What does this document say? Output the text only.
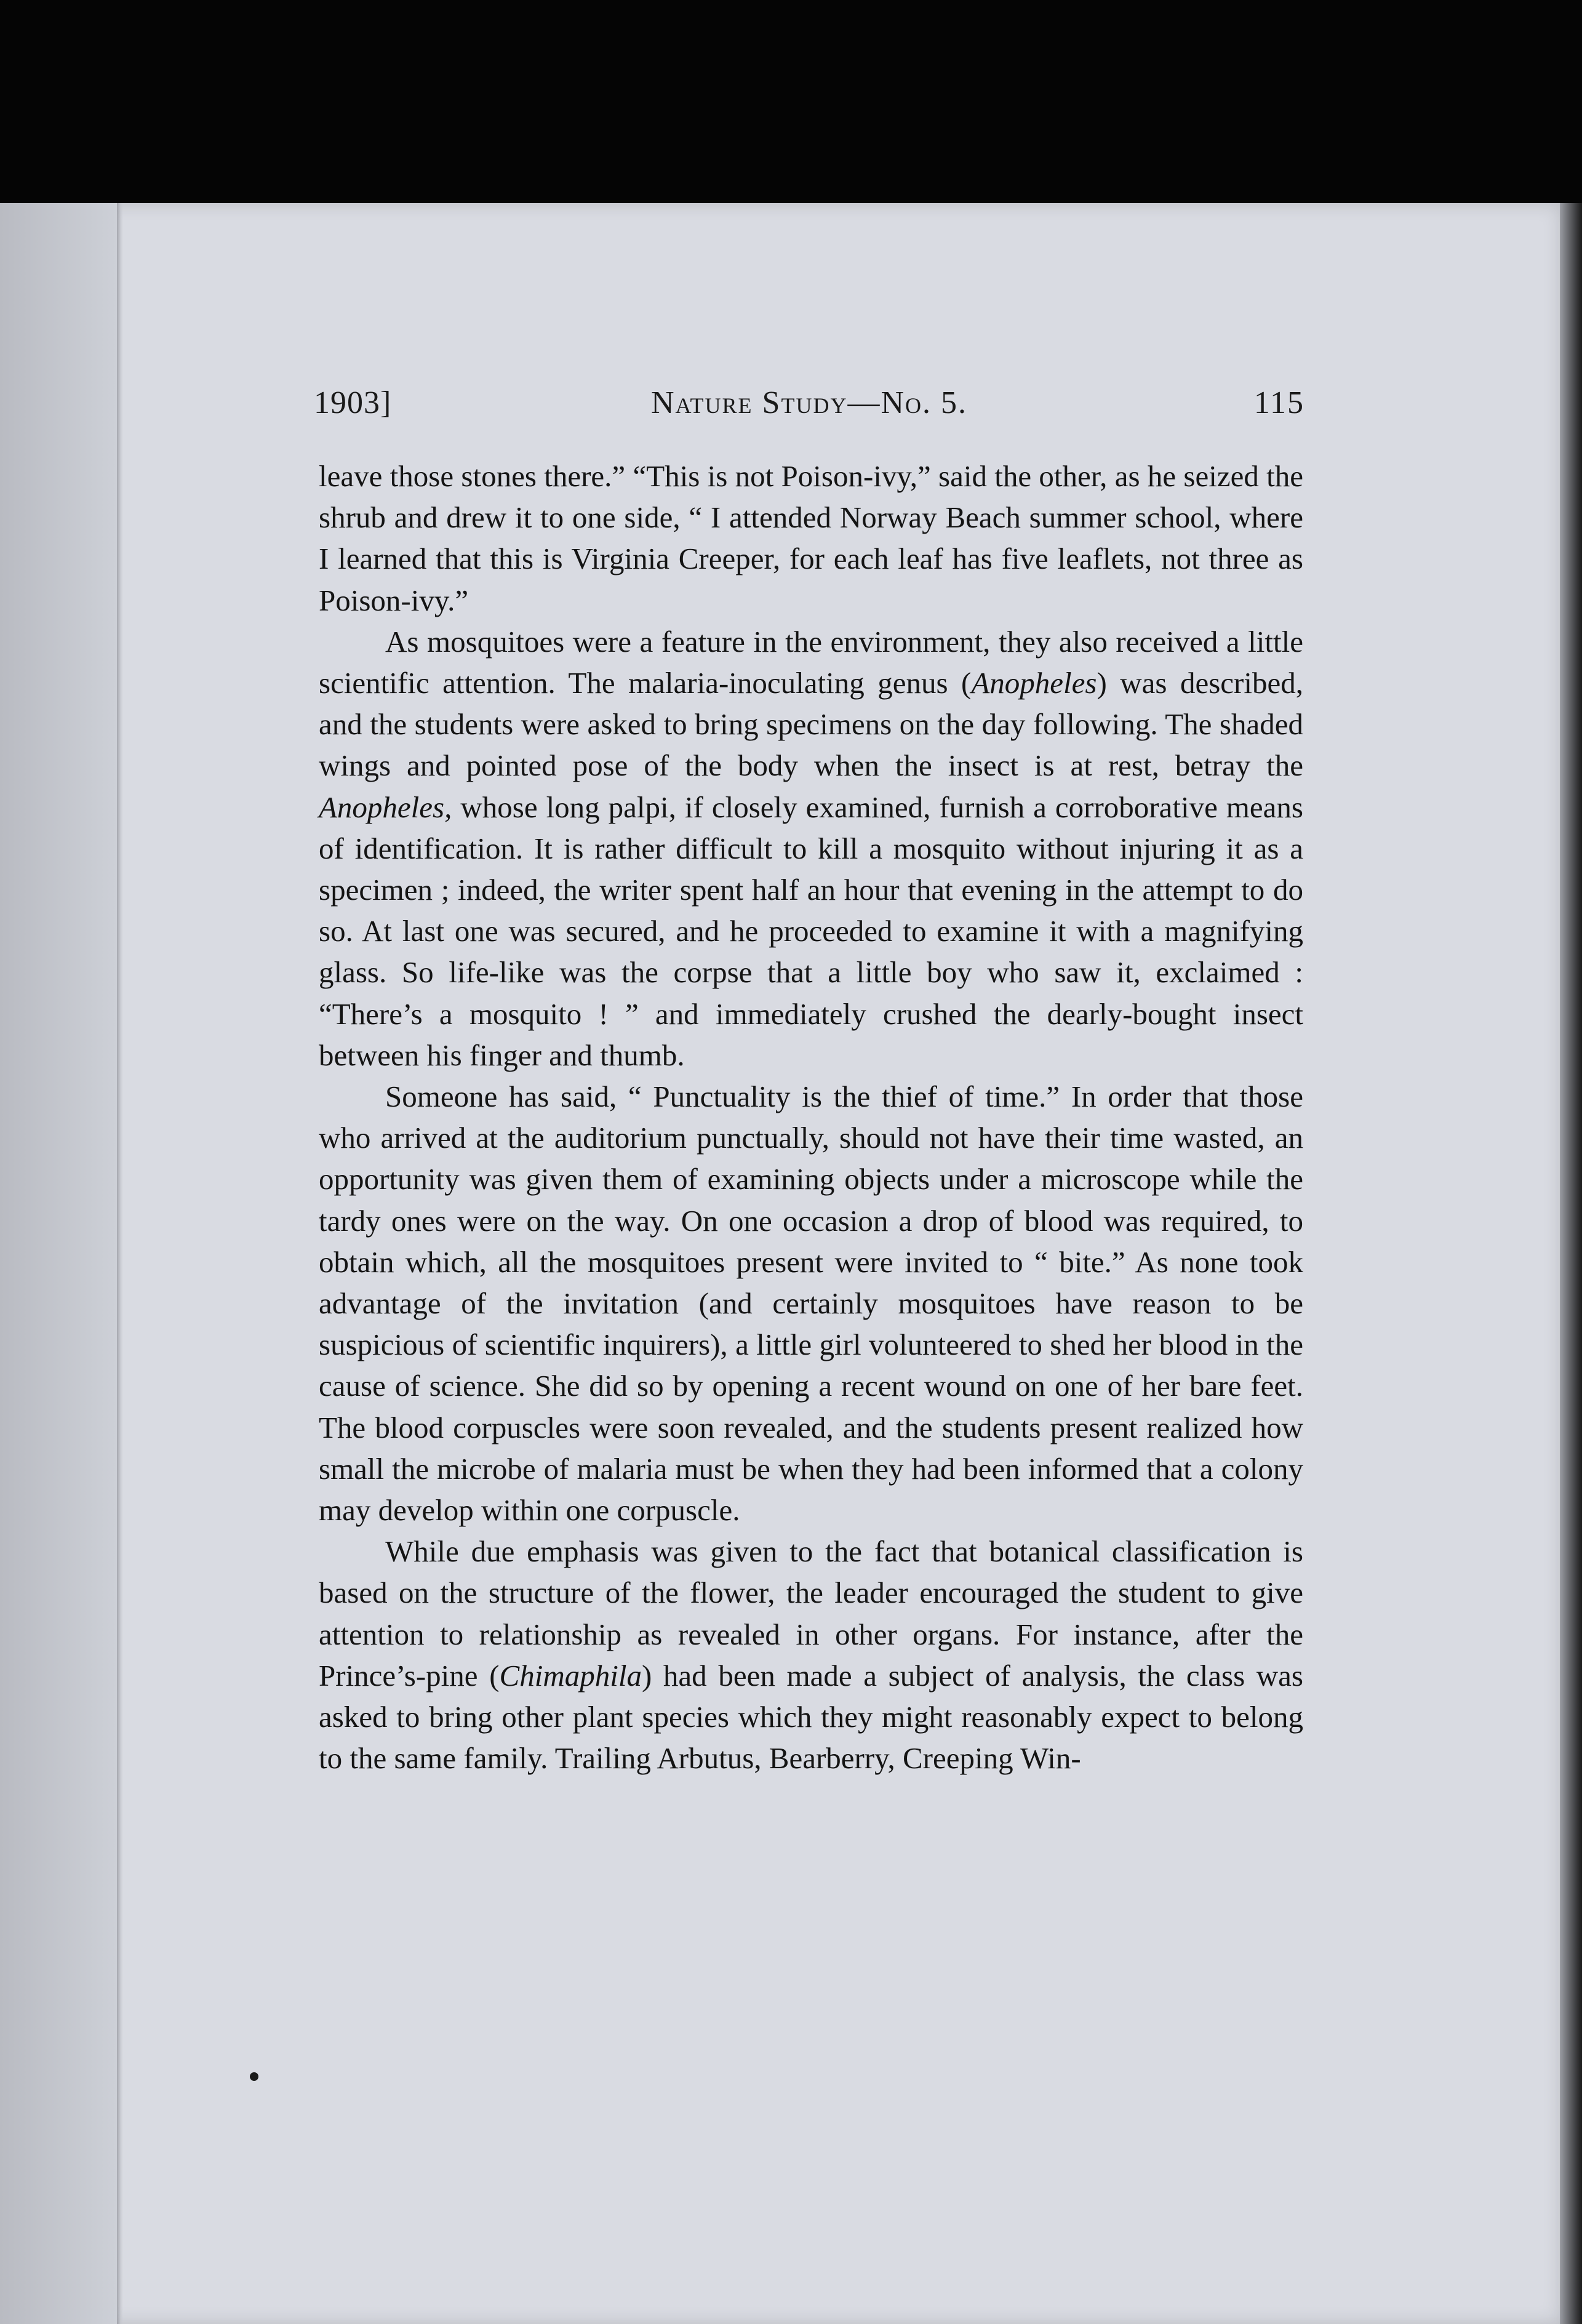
1903]	Nature Study—No. 5.	115

leave those stones there.” “This is not Poison-ivy,” said the other, as he seized the shrub and drew it to one side, “ I attended Norway Beach summer school, where I learned that this is Virginia Creeper, for each leaf has five leaflets, not three as Poison-ivy.”

As mosquitoes were a feature in the environment, they also received a little scientific attention. The malaria-inoculating genus (Anopheles) was described, and the students were asked to bring specimens on the day following. The shaded wings and pointed pose of the body when the insect is at rest, betray the Anopheles, whose long palpi, if closely examined, furnish a corroborative means of identification. It is rather difficult to kill a mosquito without injuring it as a specimen ; indeed, the writer spent half an hour that evening in the attempt to do so. At last one was secured, and he proceeded to examine it with a magnifying glass. So life-like was the corpse that a little boy who saw it, exclaimed : “There’s a mosquito ! ” and immediately crushed the dearly-bought insect between his finger and thumb.

Someone has said, “ Punctuality is the thief of time.” In order that those who arrived at the auditorium punctually, should not have their time wasted, an opportunity was given them of examining objects under a microscope while the tardy ones were on the way. On one occasion a drop of blood was required, to obtain which, all the mosquitoes present were invited to “ bite.” As none took advantage of the invitation (and certainly mosquitoes have reason to be suspicious of scientific inquirers), a little girl volunteered to shed her blood in the cause of science. She did so by opening a recent wound on one of her bare feet. The blood corpuscles were soon revealed, and the students present realized how small the microbe of malaria must be when they had been informed that a colony may develop within one corpuscle.

While due emphasis was given to the fact that botanical classification is based on the structure of the flower, the leader encouraged the student to give attention to relationship as revealed in other organs. For instance, after the Prince’s-pine (Chimaphila) had been made a subject of analysis, the class was asked to bring other plant species which they might reasonably expect to belong to the same family. Trailing Arbutus, Bearberry, Creeping Win-
